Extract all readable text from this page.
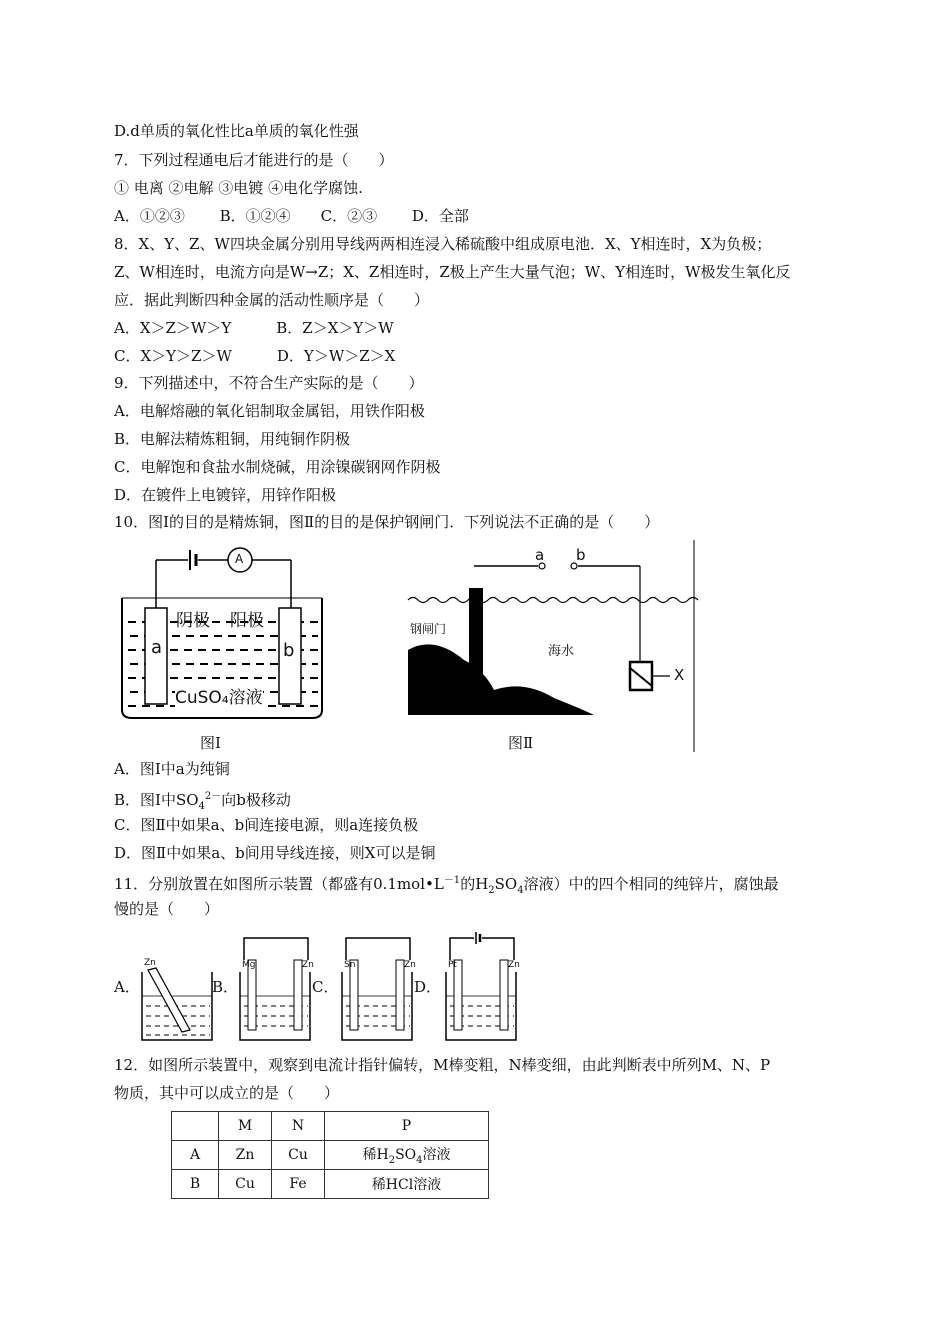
D.d单质的氧化性比a单质的氧化性强
7．下列过程通电后才能进行的是（　　）
① 电离 ②电解 ③电镀 ④电化学腐蚀.
A．①②③　　 B．①②④　　C．②③　　 D．全部
8．X、Y、Z、W四块金属分别用导线两两相连浸入稀硫酸中组成原电池．X、Y相连时，X为负极；
Z、W相连时，电流方向是W→Z；X、Z相连时，Z极上产生大量气泡；W、Y相连时，W极发生氧化反
应．据此判断四种金属的活动性顺序是（　　）
A．X＞Z＞W＞Y　　　B．Z＞X＞Y＞W
C．X＞Y＞Z＞W　　　D．Y＞W＞Z＞X
9．下列描述中，不符合生产实际的是（　　）
A．电解熔融的氧化铝制取金属铝，用铁作阳极
B．电解法精炼粗铜，用纯铜作阴极
C．电解饱和食盐水制烧碱，用涂镍碳钢网作阴极
D．在镀件上电镀锌，用锌作阳极
10．图Ⅰ的目的是精炼铜，图Ⅱ的目的是保护钢闸门．下列说法不正确的是（　　）
A
阴极 阳极
a	b
CuSO₄溶液
图Ⅰ
a b
钢闸门
海水
X
图Ⅱ
A．图Ⅰ中a为纯铜
B．图Ⅰ中$SO_4^{2-}$向b极移动
C．图Ⅱ中如果a、b间连接电源，则a连接负极
D．图Ⅱ中如果a、b间用导线连接，则X可以是铜
11．分别放置在如图所示装置（都盛有$0.1mol•L^{-1}$的$H_2SO_4$溶液）中的四个相同的纯锌片，腐蚀最
慢的是（　　）
A．	B．	C．	D．
Zn	Mg	Zn	Sn	Zn	Pt	Zn
12．如图所示装置中，观察到电流计指针偏转，M棒变粗，N棒变细，由此判断表中所列M、N、P
物质，其中可以成立的是（　　）
	M	N	P
A	Zn	Cu	稀$H_2SO_4$溶液
B	Cu	Fe	稀HCl溶液
